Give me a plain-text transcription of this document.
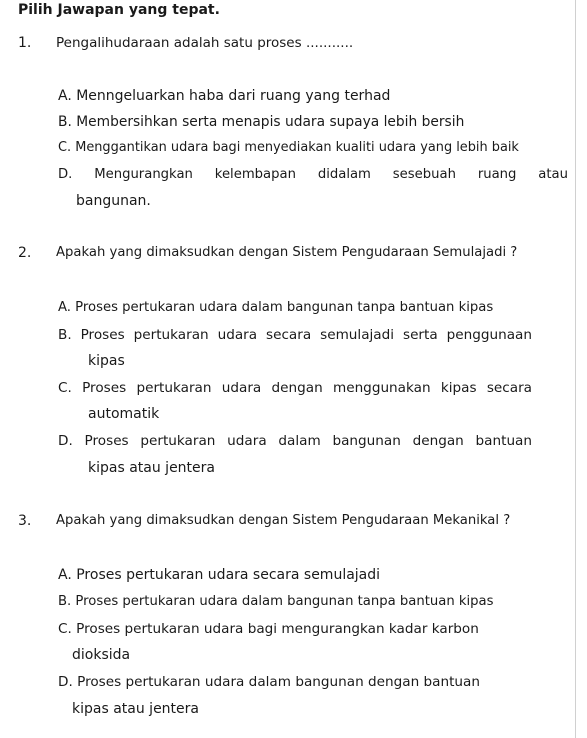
Pilih Jawapan yang tepat.
1. Pengalihudaraan adalah satu proses ...........
A. Menngeluarkan haba dari ruang yang terhad
B. Membersihkan serta menapis udara supaya lebih bersih
C. Menggantikan udara bagi menyediakan kualiti udara yang lebih baik
D. Mengurangkan kelembapan didalam sesebuah ruang atau
bangunan.
2. Apakah yang dimaksudkan dengan Sistem Pengudaraan Semulajadi ?
A. Proses pertukaran udara dalam bangunan tanpa bantuan kipas
B. Proses pertukaran udara secara semulajadi serta penggunaan
kipas
C. Proses pertukaran udara dengan menggunakan kipas secara
automatik
D. Proses pertukaran udara dalam bangunan dengan bantuan
kipas atau jentera
3. Apakah yang dimaksudkan dengan Sistem Pengudaraan Mekanikal ?
A. Proses pertukaran udara secara semulajadi
B. Proses pertukaran udara dalam bangunan tanpa bantuan kipas
C. Proses pertukaran udara bagi mengurangkan kadar karbon
dioksida
D. Proses pertukaran udara dalam bangunan dengan bantuan
kipas atau jentera
